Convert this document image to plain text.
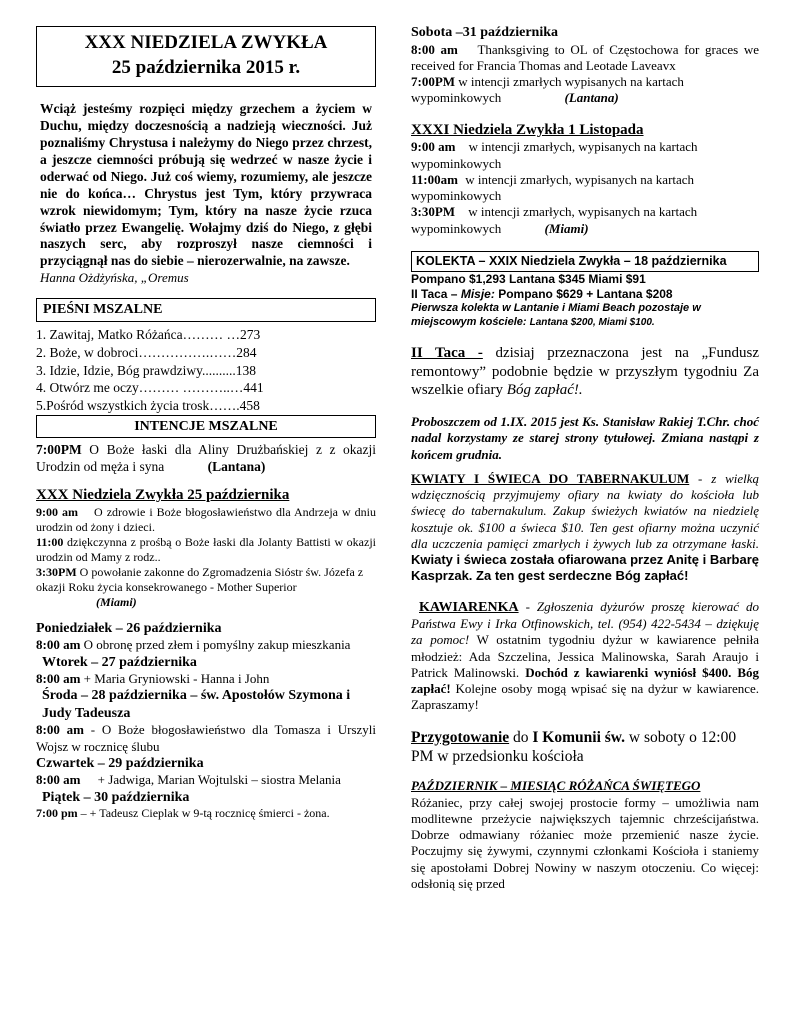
XXX NIEDZIELA ZWYKŁA
25 października 2015 r.

Wciąż jesteśmy rozpięci między grzechem a życiem w Duchu, między doczesnością a nadzieją wieczności. Już poznaliśmy Chrystusa i należymy do Niego przez chrzest, a jeszcze ciemności próbują się wedrzeć w nasze życie i oderwać od Niego. Już coś wiemy, rozumiemy, ale jeszcze nie do końca… Chrystus jest Tym, który przywraca wzrok niewidomym; Tym, który na nasze życie rzuca światło przez Ewangelię. Wołajmy dziś do Niego, z głębi naszych serc, aby rozproszył nasze ciemności i przyciągnął nas do siebie – nierozerwalnie, na zawsze.

Hanna Ożdżyńska, „Oremus

PIEŚNI MSZALNE
1. Zawitaj, Matko Różańca……… …273
2. Boże, w dobroci…………….……284
3. Idzie, Idzie, Bóg prawdziwy..........138
4. Otwórz me oczy……… ………..…441
5.Pośród wszystkich życia trosk…….458
INTENCJE MSZALNE
7:00PM O Boże łaski dla Aliny Drużbańskiej z z okazji Urodzin od męża i syna	(Lantana)
XXX Niedziela Zwykła 25 października
9:00 am O zdrowie i Boże błogosławieństwo dla Andrzeja w dniu urodzin od żony i dzieci.
11:00 dziękczynna z prośbą o Boże łaski dla Jolanty Battisti w okazji urodzin od Mamy z rodz..
3:30PM O powołanie zakonne do Zgromadzenia Sióstr św. Józefa z okazji Roku życia konsekrowanego - Mother Superior (Miami)
Poniedziałek – 26 października
8:00 am O obronę przed złem i pomyślny zakup mieszkania
Wtorek – 27 października
8:00 am + Maria Gryniowski - Hanna i John
Środa – 28 października – św. Apostołów Szymona i Judy Tadeusza
8:00 am - O Boże błogosławieństwo dla Tomasza i Urszyli Wojsz w rocznicę ślubu
Czwartek – 29 października
8:00 am + Jadwiga, Marian Wojtulski – siostra Melania
Piątek – 30 października
7:00 pm – + Tadeusz Cieplak w 9-tą rocznicę śmierci - żona.
Sobota –31 października
8:00 am Thanksgiving to OL of Częstochowa for graces we received for Francia Thomas and Leotade Laveavx
7:00PM w intencji zmarłych wypisanych na kartach wypominkowych	(Lantana)
XXXI Niedziela Zwykła 1 Listopada
9:00 am w intencji zmarłych, wypisanych na kartach wypominkowych
11:00am w intencji zmarłych, wypisanych na kartach wypominkowych
3:30PM w intencji zmarłych, wypisanych na kartach wypominkowych	(Miami)
KOLEKTA – XXIX Niedziela Zwykła – 18 października
Pompano $1,293 Lantana $345 Miami $91
II Taca – Misje: Pompano $629 + Lantana $208
Pierwsza kolekta w Lantanie i Miami Beach pozostaje w miejscowym kościele: Lantana $200, Miami $100.
II Taca - dzisiaj przeznaczona jest na „Fundusz remontowy” podobnie będzie w przyszłym tygodniu Za wszelkie ofiary Bóg zapłać!.

Proboszczem od 1.IX. 2015 jest Ks. Stanisław Rakiej T.Chr. choć nadal korzystamy ze starej strony tytułowej. Zmiana nastąpi z końcem grudnia.

KWIATY I ŚWIECA DO TABERNAKULUM - z wielką wdzięcznością przyjmujemy ofiary na kwiaty do kościoła lub świecę do tabernakulum. Zakup świeżych kwiatów na niedzielę kosztuje ok. $100 a świeca $10. Ten gest ofiarny można uczynić dla uczczenia pamięci zmarłych i żywych lub za otrzymane łaski. Kwiaty i świeca została ofiarowana przez Anitę i Barbarę Kasprzak. Za ten gest serdeczne Bóg zapłać!
KAWIARENKA - Zgłoszenia dyżurów proszę kierować do Państwa Ewy i Irka Otfinowskich, tel. (954) 422-5434 – dziękuję za pomoc! W ostatnim tygodniu dyżur w kawiarence pełniła młodzież: Ada Szczelina, Jessica Malinowska, Sarah Araujo i Patrick Malinowski. Dochód z kawiarenki wyniósł $400. Bóg zapłać! Kolejne osoby mogą wpisać się na dyżur w kawiarence. Zapraszamy!
Przygotowanie do I Komunii św. w soboty o 12:00 PM w przedsionku kościoła
PAŹDZIERNIK – MIESIĄC RÓŻAŃCA ŚWIĘTEGO

Różaniec, przy całej swojej prostocie formy – umożliwia nam modlitewne przeżycie największych tajemnic chrześcijaństwa. Dobrze odmawiany różaniec może przemienić nasze życie. Poczujmy się żywymi, czynnymi członkami Kościoła i staniemy się apostołami Dobrej Nowiny w naszym otoczeniu. Co więcej: odsłonią się przed
